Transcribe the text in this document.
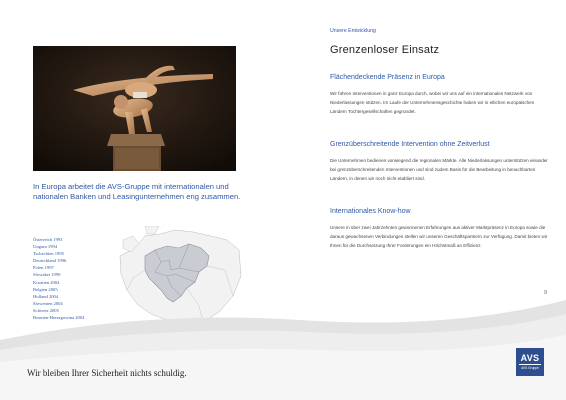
In Europa arbeitet die AVS-Gruppe mit internationalen und nationalen Banken und Leasingunternehmen eng zusammen.
Österreich 1993
Ungarn 1994
Tschechien 1995
Deutschland 1996
Polen 1997
Slowakei 1999
Kroatien 2004
Belgien 2005
Holland 2004
Slowenien 2004
Schweiz 2005
Bosnien-Herzegowina 2004
Unsere Entwicklung
Grenzenloser Einsatz
Flächendeckende Präsenz in Europa
Wir führen Interventionen in ganz Europa durch, wobei wir uns auf ein internationales Netzwerk von Niederlassungen stützen. Im Laufe der Unternehmensgeschichte haben wir in etlichen europäischen Ländern Tochtergesellschaften gegründet.
Grenzüberschreitende Intervention ohne Zeitverlust
Die Unternehmen bedienen vorwiegend die regionalen Märkte. Alle Niederlassungen unterstützen einander bei grenzüberschreitenden Interventionen und sind zudem Basis für die Bearbeitung in benachbarten Ländern, in denen wir noch nicht etabliert sind.
Internationales Know-how
Unsere in über zwei Jahrzehnten gewonnenen Erfahrungen aus aktiver Marktpräsenz in Europa sowie die daraus gewachsenen Verbindungen stellen wir unseren Geschäftspartnern zur Verfügung. Damit bieten wir Ihnen für die Durchsetzung Ihrer Forderungen ein Höchstmaß an Effizienz.
9
Wir bleiben Ihrer Sicherheit nichts schuldig.
AVS
AVS Gruppe
